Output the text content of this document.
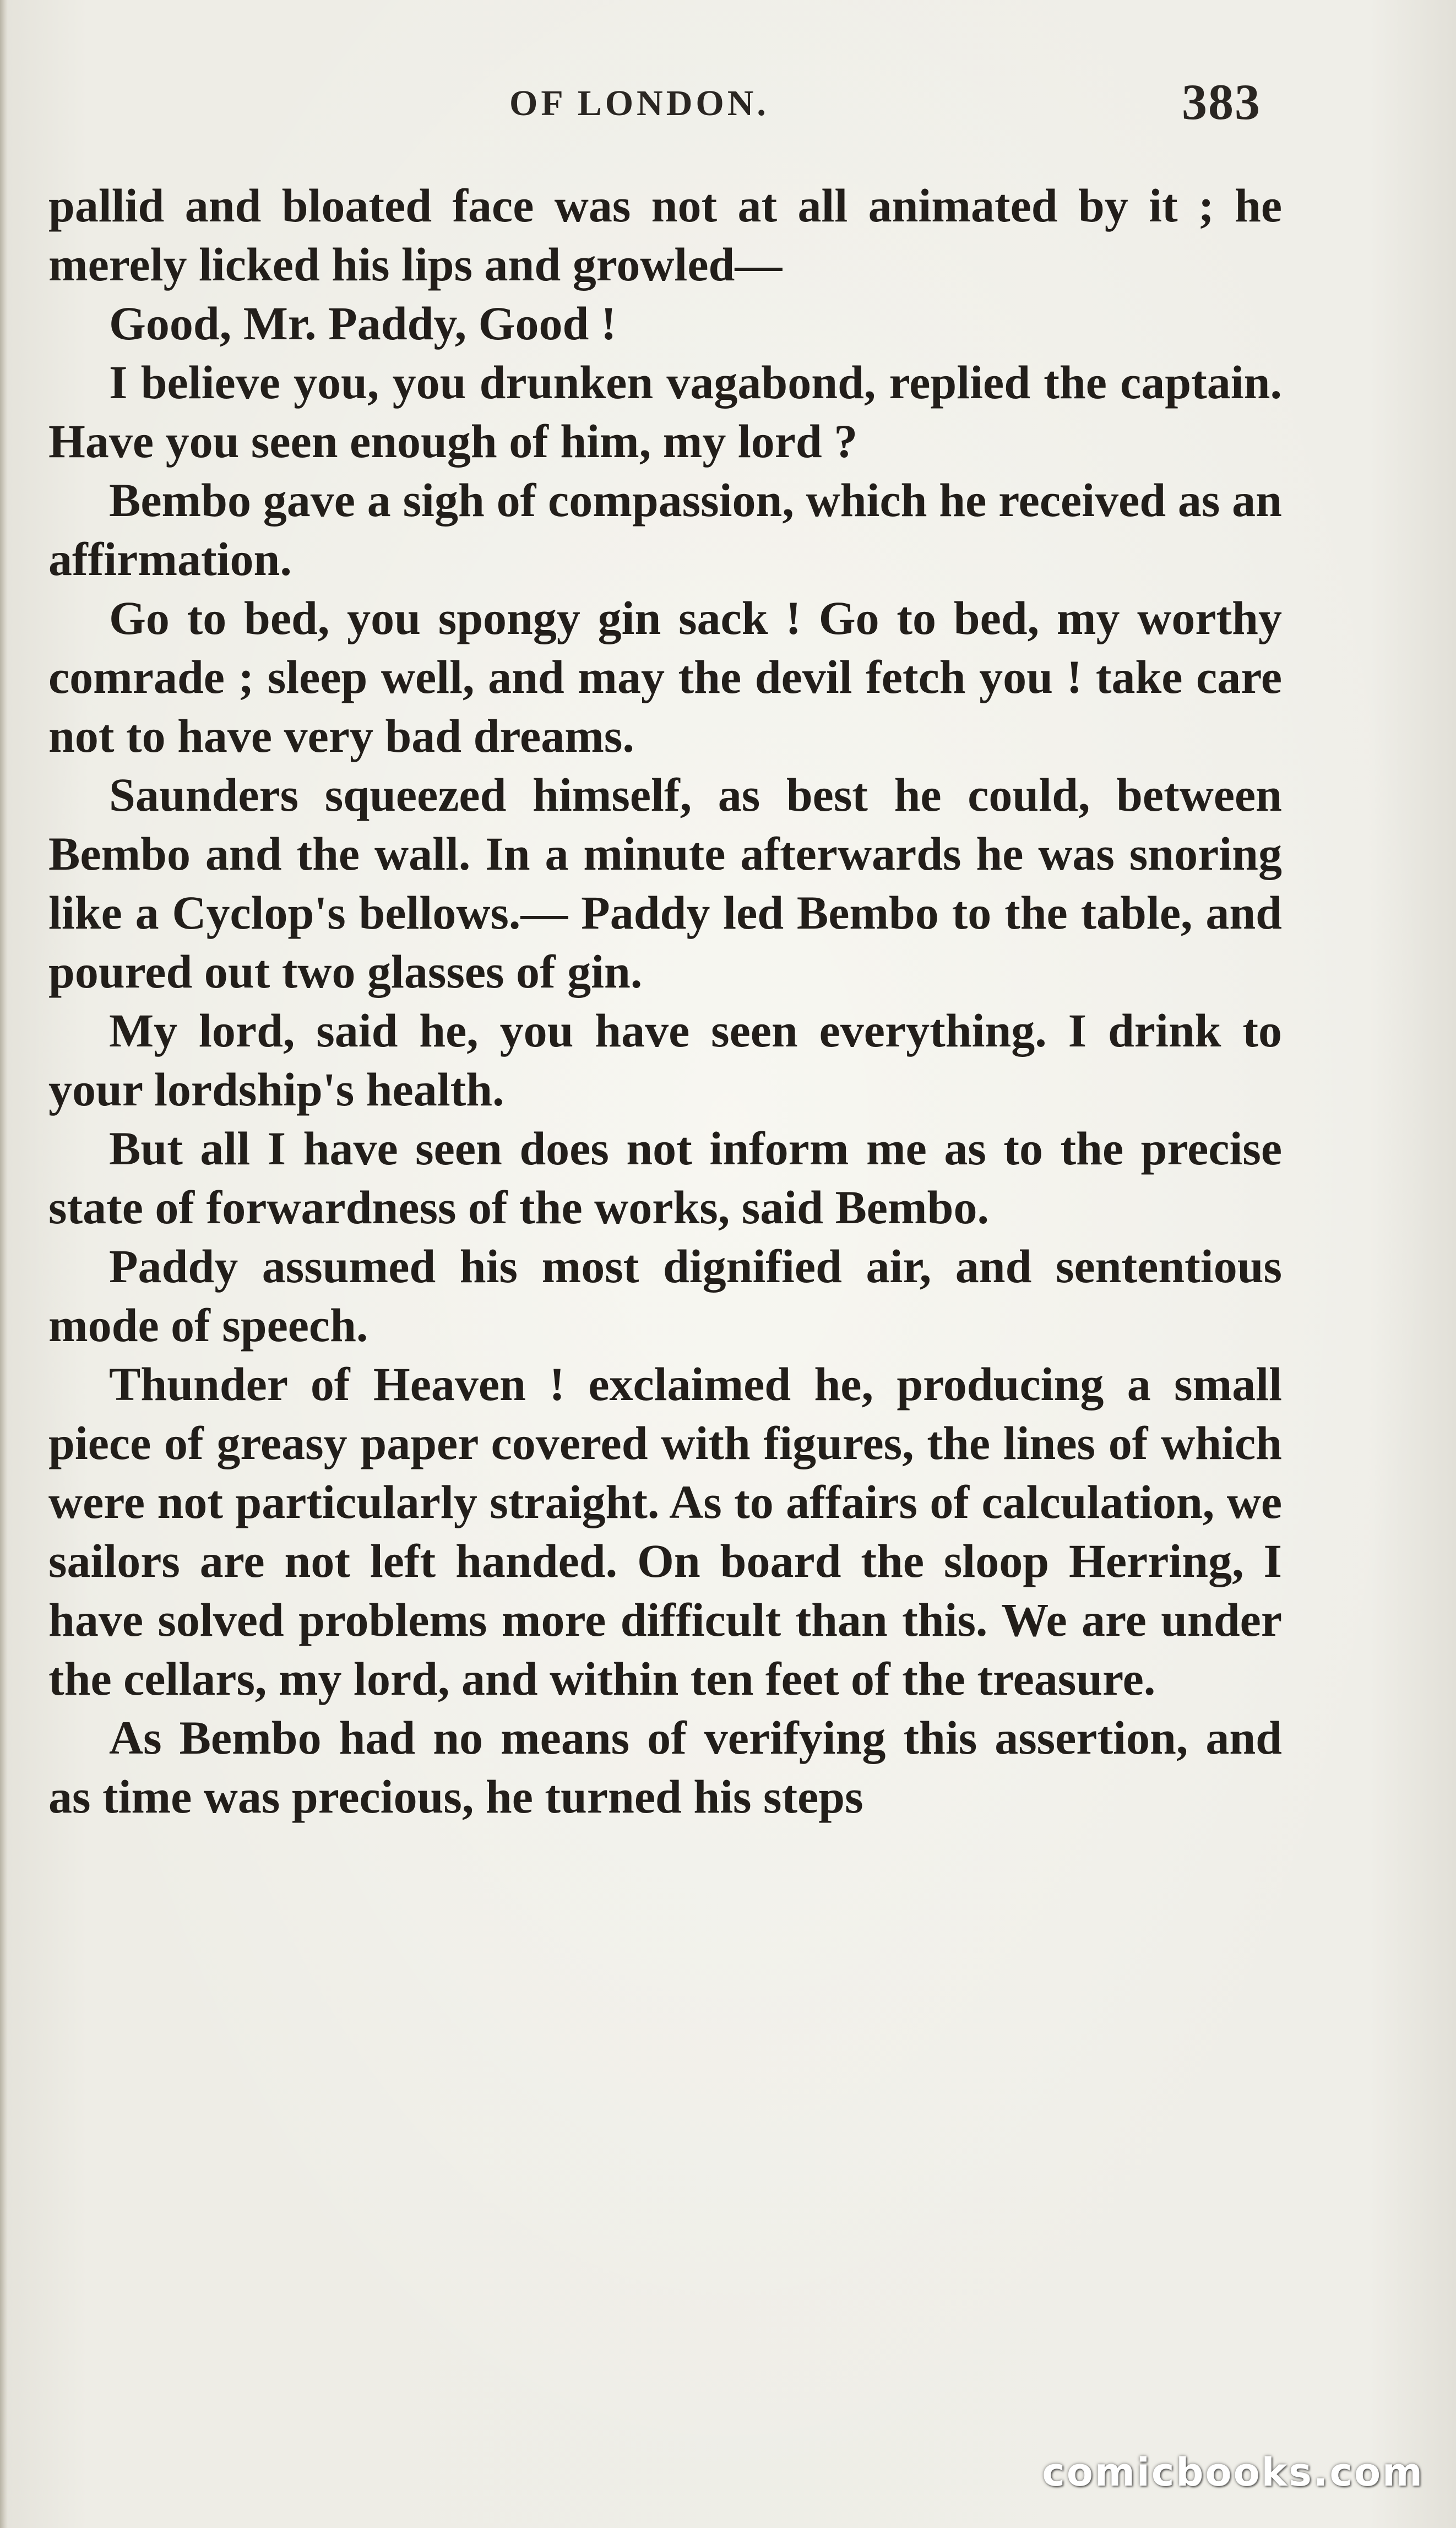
OF LONDON.	383

pallid and bloated face was not at all animated by it ; he merely licked his lips and growled—

Good, Mr. Paddy, Good !

I believe you, you drunken vagabond, replied the captain. Have you seen enough of him, my lord ?

Bembo gave a sigh of compassion, which he received as an affirmation.

Go to bed, you spongy gin sack ! Go to bed, my worthy comrade ; sleep well, and may the devil fetch you ! take care not to have very bad dreams.

Saunders squeezed himself, as best he could, between Bembo and the wall. In a minute afterwards he was snoring like a Cyclop's bellows.— Paddy led Bembo to the table, and poured out two glasses of gin.

My lord, said he, you have seen everything. I drink to your lordship's health.

But all I have seen does not inform me as to the precise state of forwardness of the works, said Bembo.

Paddy assumed his most dignified air, and sententious mode of speech.

Thunder of Heaven ! exclaimed he, producing a small piece of greasy paper covered with figures, the lines of which were not particularly straight. As to affairs of calculation, we sailors are not left handed. On board the sloop Herring, I have solved problems more difficult than this. We are under the cellars, my lord, and within ten feet of the treasure.

As Bembo had no means of verifying this assertion, and as time was precious, he turned his steps

comicbooks.com
